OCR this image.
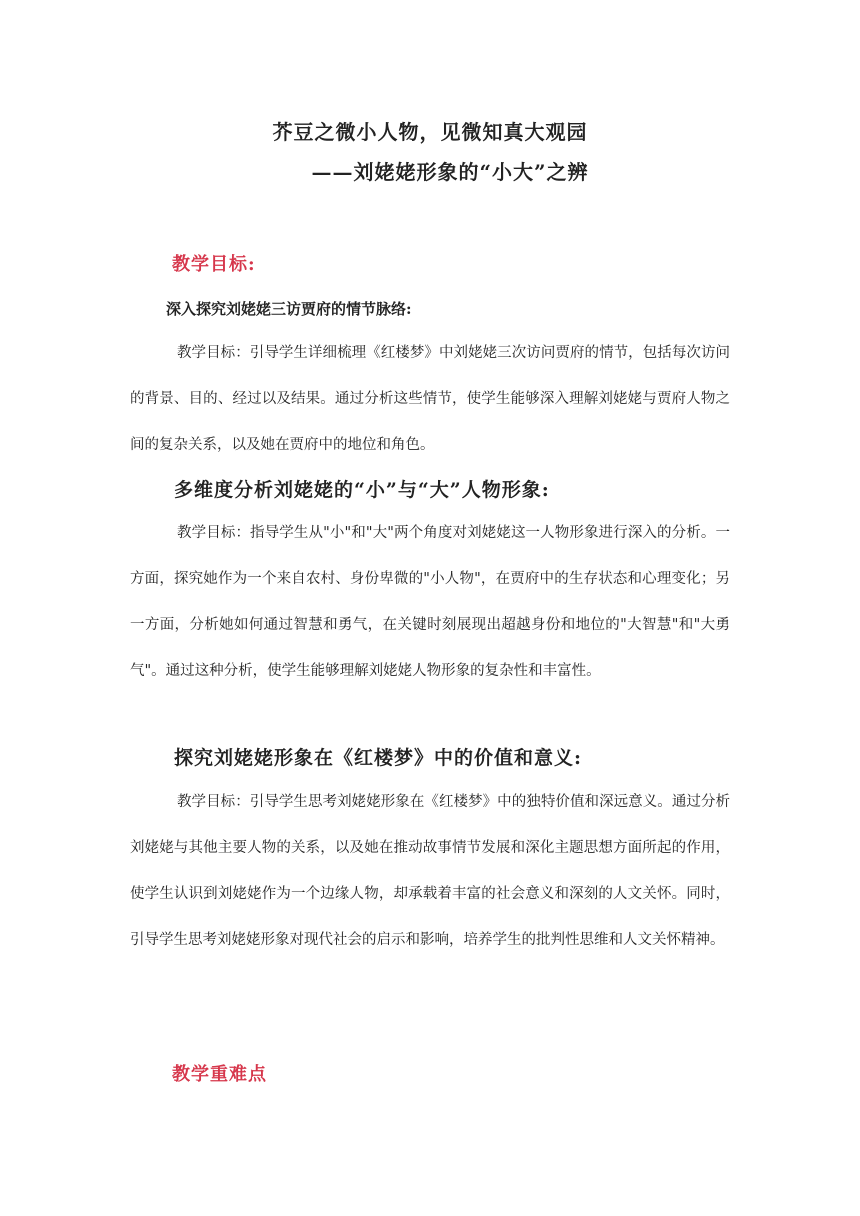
芥豆之微小人物，见微知真大观园
——刘姥姥形象的“小大”之辨
教学目标:
深入探究刘姥姥三访贾府的情节脉络:

教学目标：引导学生详细梳理《红楼梦》中刘姥姥三次访问贾府的情节，包括每次访问的背景、目的、经过以及结果。通过分析这些情节，使学生能够深入理解刘姥姥与贾府人物之间的复杂关系，以及她在贾府中的地位和角色。

多维度分析刘姥姥的“小”与“大”人物形象:

教学目标：指导学生从"小"和"大"两个角度对刘姥姥这一人物形象进行深入的分析。一方面，探究她作为一个来自农村、身份卑微的"小人物"，在贾府中的生存状态和心理变化；另一方面，分析她如何通过智慧和勇气，在关键时刻展现出超越身份和地位的"大智慧"和"大勇气"。通过这种分析，使学生能够理解刘姥姥人物形象的复杂性和丰富性。

探究刘姥姥形象在《红楼梦》中的价值和意义:

教学目标：引导学生思考刘姥姥形象在《红楼梦》中的独特价值和深远意义。通过分析刘姥姥与其他主要人物的关系，以及她在推动故事情节发展和深化主题思想方面所起的作用，使学生认识到刘姥姥作为一个边缘人物，却承载着丰富的社会意义和深刻的人文关怀。同时，引导学生思考刘姥姥形象对现代社会的启示和影响，培养学生的批判性思维和人文关怀精神。

教学重难点
